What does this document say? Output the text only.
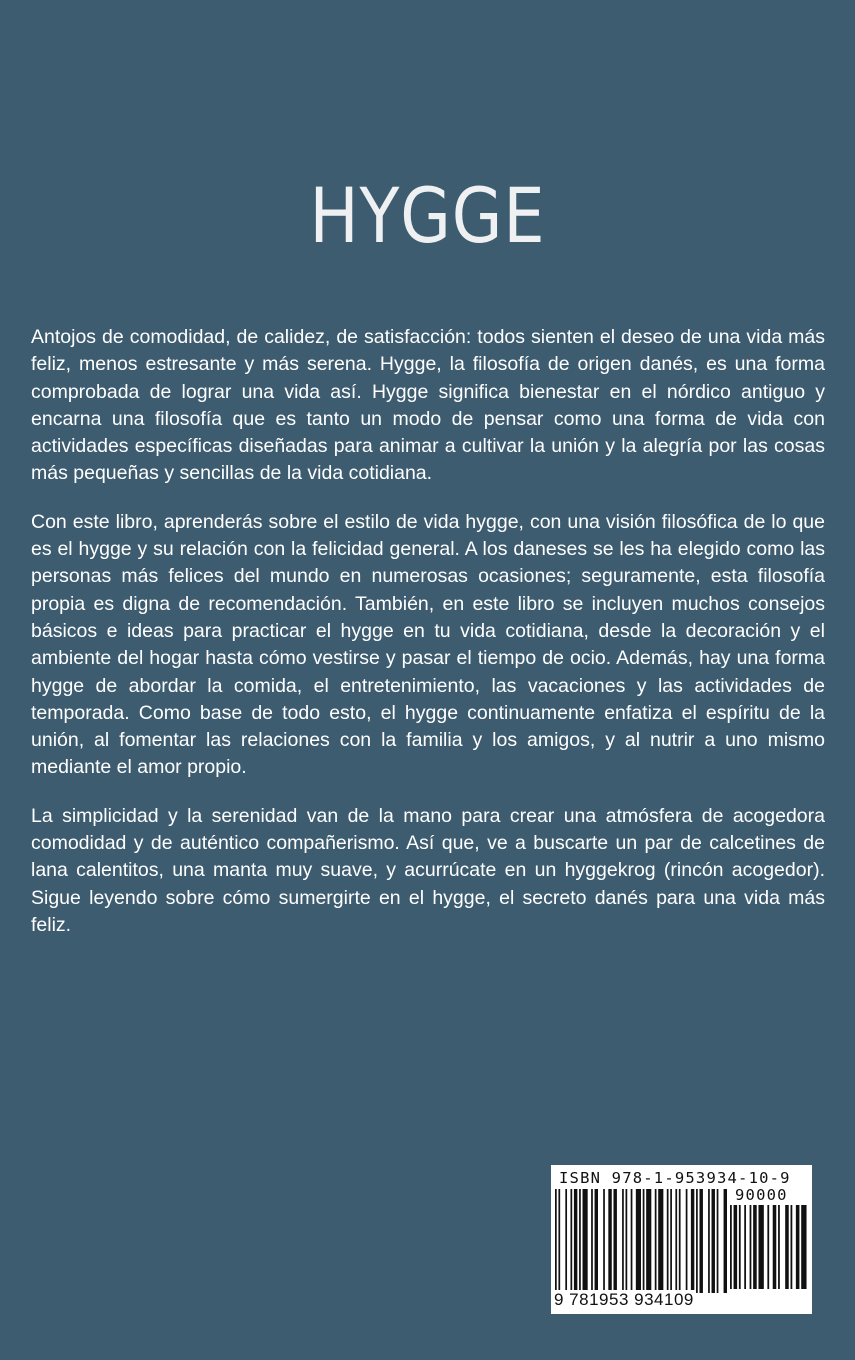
HYGGE

Antojos de comodidad, de calidez, de satisfacción: todos sienten el deseo de una vida más feliz, menos estresante y más serena. Hygge, la filosofía de origen danés, es una forma comprobada de lograr una vida así. Hygge significa bienestar en el nórdico antiguo y encarna una filosofía que es tanto un modo de pensar como una forma de vida con actividades específicas diseñadas para animar a cultivar la unión y la alegría por las cosas más pequeñas y sencillas de la vida cotidiana.

Con este libro, aprenderás sobre el estilo de vida hygge, con una visión filosófica de lo que es el hygge y su relación con la felicidad general. A los daneses se les ha elegido como las personas más felices del mundo en numerosas ocasiones; seguramente, esta filosofía propia es digna de recomendación. También, en este libro se incluyen muchos consejos básicos e ideas para practicar el hygge en tu vida cotidiana, desde la decoración y el ambiente del hogar hasta cómo vestirse y pasar el tiempo de ocio. Además, hay una forma hygge de abordar la comida, el entretenimiento, las vacaciones y las actividades de temporada. Como base de todo esto, el hygge continuamente enfatiza el espíritu de la unión, al fomentar las relaciones con la familia y los amigos, y al nutrir a uno mismo mediante el amor propio.

La simplicidad y la serenidad van de la mano para crear una atmósfera de acogedora comodidad y de auténtico compañerismo. Así que, ve a buscarte un par de calcetines de lana calentitos, una manta muy suave, y acurrúcate en un hyggekrog (rincón acogedor). Sigue leyendo sobre cómo sumergirte en el hygge, el secreto danés para una vida más feliz.

ISBN 978-1-953934-10-9
90000
9 781953 934109
